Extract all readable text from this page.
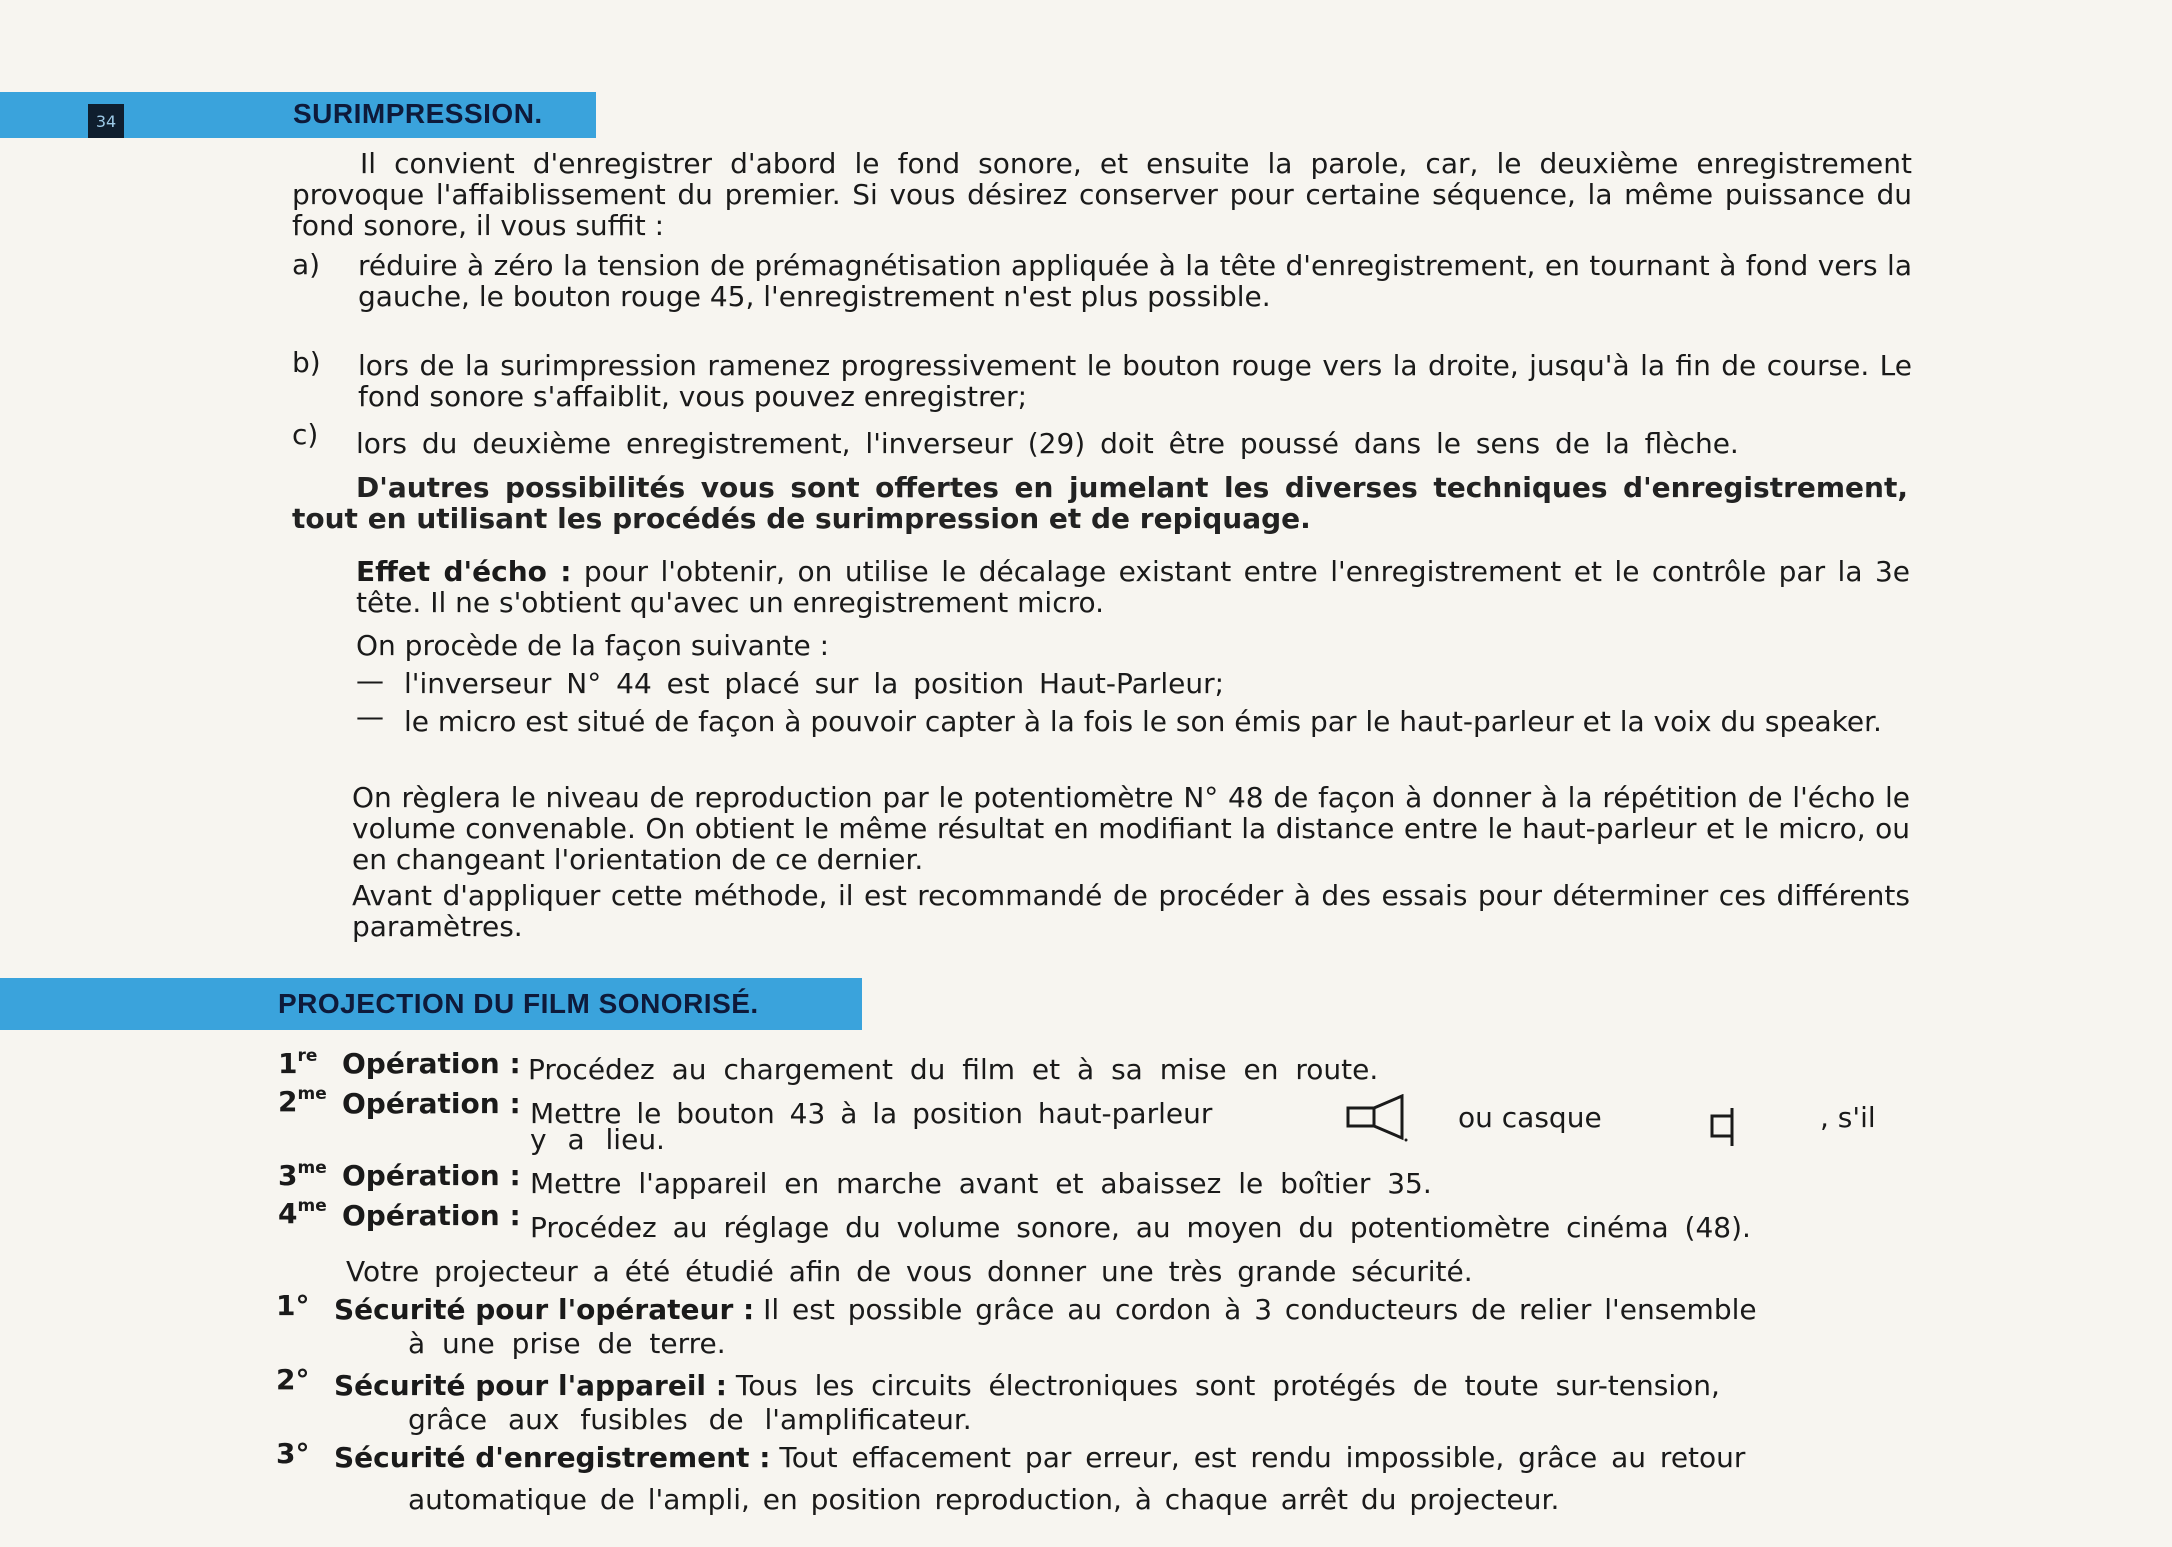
34	SURIMPRESSION.
Il convient d'enregistrer d'abord le fond sonore, et ensuite la parole, car, le deuxième enregistrement provoque l'affaiblissement du premier. Si vous désirez conserver pour certaine séquence, la même puissance du fond sonore, il vous suffit :
a) réduire à zéro la tension de prémagnétisation appliquée à la tête d'enregistrement, en tournant à fond vers la gauche, le bouton rouge 45, l'enregistrement n'est plus possible.
b) lors de la surimpression ramenez progressivement le bouton rouge vers la droite, jusqu'à la fin de course. Le fond sonore s'affaiblit, vous pouvez enregistrer;
c) lors du deuxième enregistrement, l'inverseur (29) doit être poussé dans le sens de la flèche.
D'autres possibilités vous sont offertes en jumelant les diverses techniques d'enregistrement, tout en utilisant les procédés de surimpression et de repiquage.
Effet d'écho : pour l'obtenir, on utilise le décalage existant entre l'enregistrement et le contrôle par la 3e tête. Il ne s'obtient qu'avec un enregistrement micro.
On procède de la façon suivante :
— l'inverseur N° 44 est placé sur la position Haut-Parleur;
— le micro est situé de façon à pouvoir capter à la fois le son émis par le haut-parleur et la voix du speaker.
On règlera le niveau de reproduction par le potentiomètre N° 48 de façon à donner à la répétition de l'écho le volume convenable. On obtient le même résultat en modifiant la distance entre le haut-parleur et le micro, ou en changeant l'orientation de ce dernier.
Avant d'appliquer cette méthode, il est recommandé de procéder à des essais pour déterminer ces différents paramètres.
PROJECTION DU FILM SONORISÉ.
1re Opération : Procédez au chargement du film et à sa mise en route.
$2^{me}$ Opération : Mettre le bouton 43 à la position haut-parleur	ou casque	, s'il
y a lieu.
$3^{me}$ Opération : Mettre l'appareil en marche avant et abaissez le boîtier 35.
$4^{me}$ Opération : Procédez au réglage du volume sonore, au moyen du potentiomètre cinéma (48).
Votre projecteur a été étudié afin de vous donner une très grande sécurité.
1° Sécurité pour l'opérateur : Il est possible grâce au cordon à 3 conducteurs de relier l'ensemble
à une prise de terre.
2° Sécurité pour l'appareil : Tous les circuits électroniques sont protégés de toute sur-tension,
grâce aux fusibles de l'amplificateur.
3° Sécurité d'enregistrement : Tout effacement par erreur, est rendu impossible, grâce au retour
automatique de l'ampli, en position reproduction, à chaque arrêt du projecteur.
